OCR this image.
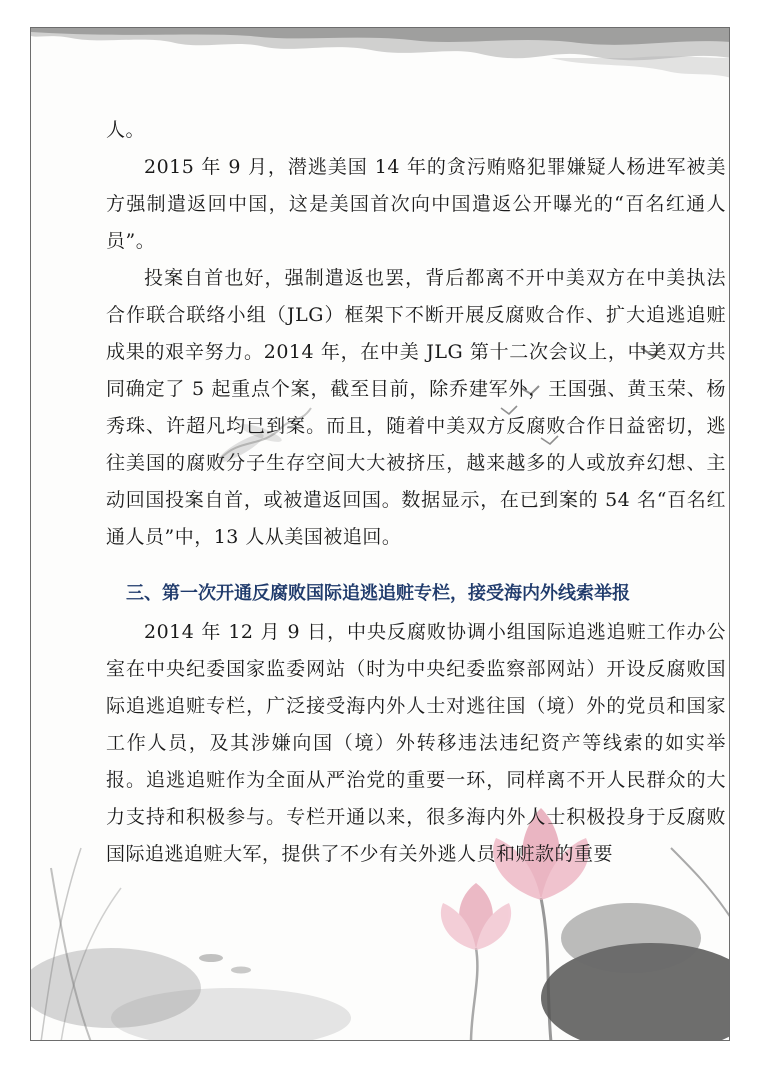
人。

2015 年 9 月，潜逃美国 14 年的贪污贿赂犯罪嫌疑人杨进军被美方强制遣返回中国，这是美国首次向中国遣返公开曝光的“百名红通人员”。

投案自首也好，强制遣返也罢，背后都离不开中美双方在中美执法合作联合联络小组（JLG）框架下不断开展反腐败合作、扩大追逃追赃成果的艰辛努力。2014 年，在中美 JLG 第十二次会议上，中美双方共同确定了 5 起重点个案，截至目前，除乔建军外，王国强、黄玉荣、杨秀珠、许超凡均已到案。而且，随着中美双方反腐败合作日益密切，逃往美国的腐败分子生存空间大大被挤压，越来越多的人或放弃幻想、主动回国投案自首，或被遣返回国。数据显示，在已到案的 54 名“百名红通人员”中，13 人从美国被追回。

三、第一次开通反腐败国际追逃追赃专栏，接受海内外线索举报

2014 年 12 月 9 日，中央反腐败协调小组国际追逃追赃工作办公室在中央纪委国家监委网站（时为中央纪委监察部网站）开设反腐败国际追逃追赃专栏，广泛接受海内外人士对逃往国（境）外的党员和国家工作人员，及其涉嫌向国（境）外转移违法违纪资产等线索的如实举报。追逃追赃作为全面从严治党的重要一环，同样离不开人民群众的大力支持和积极参与。专栏开通以来，很多海内外人士积极投身于反腐败国际追逃追赃大军，提供了不少有关外逃人员和赃款的重要
